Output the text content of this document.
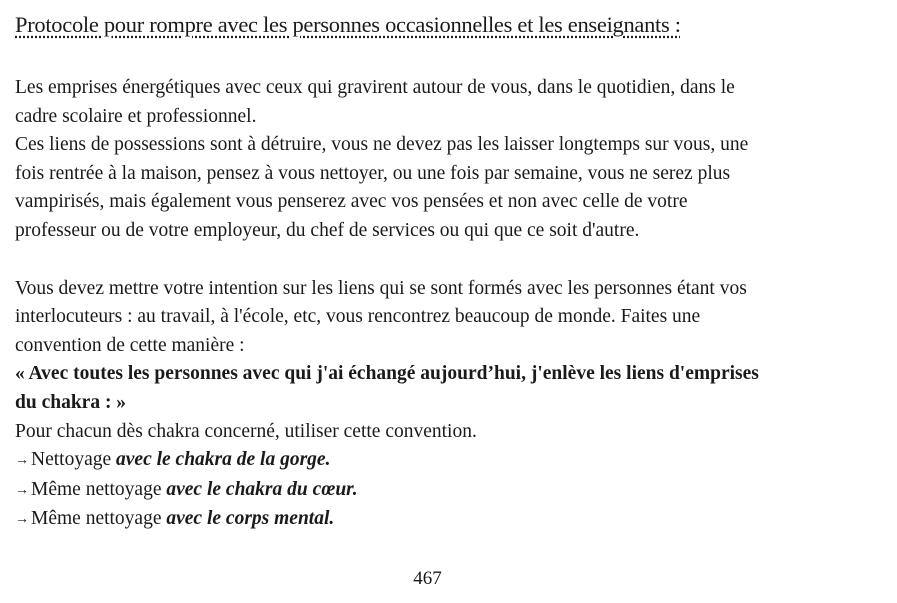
Protocole pour rompre avec les personnes occasionnelles et les enseignants :

Les emprises énergétiques avec ceux qui gravirent autour de vous, dans le quotidien, dans le

cadre scolaire et professionnel.

Ces liens de possessions sont à détruire, vous ne devez pas les laisser longtemps sur vous, une

fois rentrée à la maison, pensez à vous nettoyer, ou une fois par semaine, vous ne serez plus

vampirisés, mais également vous penserez avec vos pensées et non avec celle de votre

professeur ou de votre employeur, du chef de services ou qui que ce soit d'autre.

Vous devez mettre votre intention sur les liens qui se sont formés avec les personnes étant vos

interlocuteurs : au travail, à l'école, etc, vous rencontrez beaucoup de monde. Faites une

convention de cette manière :

« Avec toutes les personnes avec qui j'ai échangé aujourd’hui, j'enlève les liens d'emprises

du chakra : »

Pour chacun dès chakra concerné, utiliser cette convention.

→ Nettoyage avec le chakra de la gorge.

→ Même nettoyage avec le chakra du cœur.

→ Même nettoyage avec le corps mental.

467
